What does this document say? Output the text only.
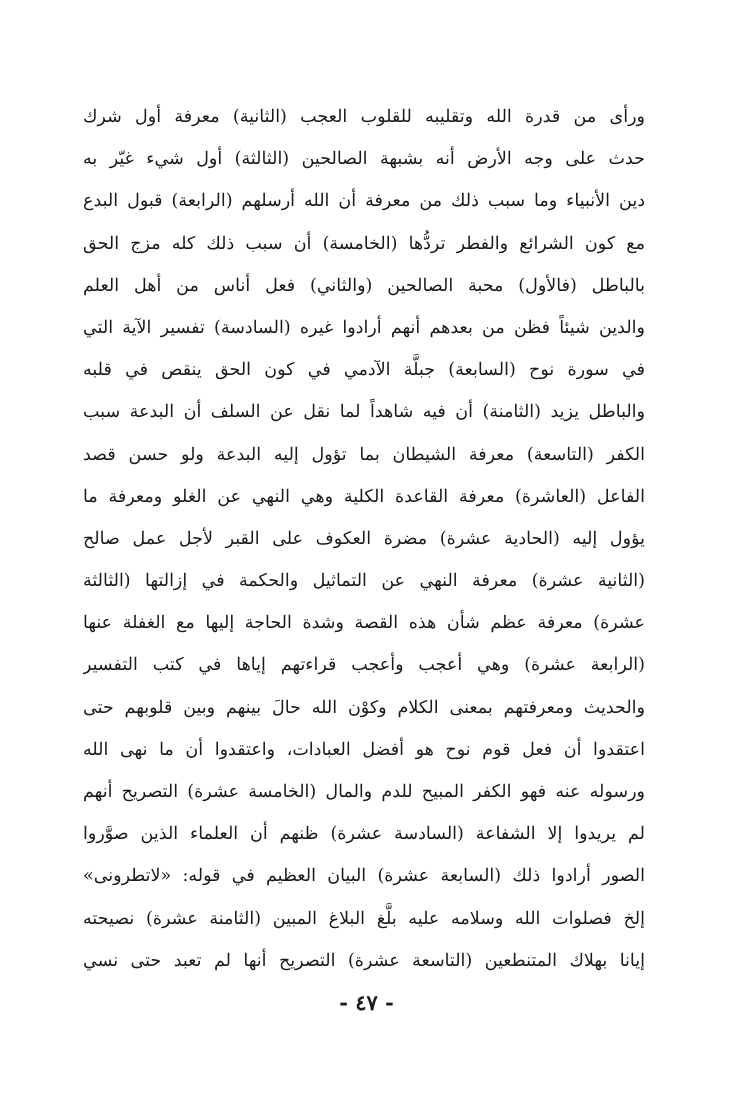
ورأى من قدرة الله وتقليبه للقلوب العجب (الثانية) معرفة أول شرك
حدث على وجه الأرض أنه بشبهة الصالحين (الثالثة) أول شيء غيّر به
دين الأنبياء وما سبب ذلك من معرفة أن الله أرسلهم (الرابعة) قبول البدع
مع كون الشرائع والفطر تردُّها (الخامسة) أن سبب ذلك كله مزج الحق
بالباطل (فالأول) محبة الصالحين (والثاني) فعل أناس من أهل العلم
والدين شيئاً فظن من بعدهم أنهم أرادوا غيره (السادسة) تفسير الآية التي
في سورة نوح (السابعة) جبلَّة الآدمي في كون الحق ينقص في قلبه
والباطل يزيد (الثامنة) أن فيه شاهداً لما نقل عن السلف أن البدعة سبب
الكفر (التاسعة) معرفة الشيطان بما تؤول إليه البدعة ولو حسن قصد
الفاعل (العاشرة) معرفة القاعدة الكلية وهي النهي عن الغلو ومعرفة ما
يؤول إليه (الحادية عشرة) مضرة العكوف على القبر لأجل عمل صالح
(الثانية عشرة) معرفة النهي عن التماثيل والحكمة في إزالتها (الثالثة
عشرة) معرفة عظم شأن هذه القصة وشدة الحاجة إليها مع الغفلة عنها
(الرابعة عشرة) وهي أعجب وأعجب قراءتهم إياها في كتب التفسير
والحديث ومعرفتهم بمعنى الكلام وكوْن الله حالَ بينهم وبين قلوبهم حتى
اعتقدوا أن فعل قوم نوح هو أفضل العبادات، واعتقدوا أن ما نهى الله
ورسوله عنه فهو الكفر المبيح للدم والمال (الخامسة عشرة) التصريح أنهم
لم يريدوا إلا الشفاعة (السادسة عشرة) ظنهم أن العلماء الذين صوَّروا
الصور أرادوا ذلك (السابعة عشرة) البيان العظيم في قوله: «لاتطرونى»
إلخ فصلوات الله وسلامه عليه بلَّغ البلاغ المبين (الثامنة عشرة) نصيحته
إيانا بهلاك المتنطعين (التاسعة عشرة) التصريح أنها لم تعبد حتى نسي
- ٤٧ -
